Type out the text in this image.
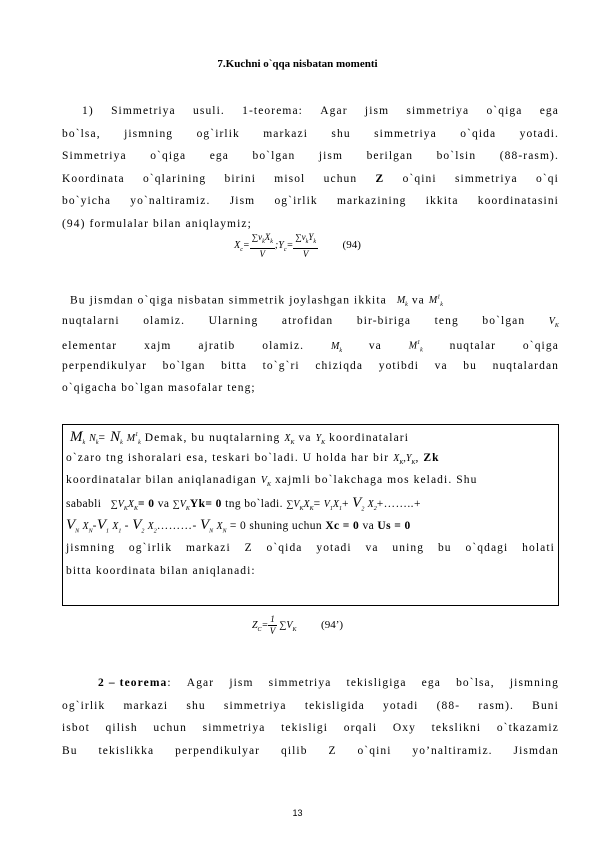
7.Kuchni o`qqa nisbatan momenti
1) Simmetriya usuli. 1-teorema: Agar jism simmetriya o`qiga ega
bo`lsa, jismning og`irlik markazi shu simmetriya o`qida yotadi.
Simmetriya o`qiga ega bo`lgan jism berilgan bo`lsin (88-rasm).
Koordinata o`qlarining birini misol uchun Z o`qini simmetriya o`qi
bo`yicha yo`naltiramiz. Jism og`irlik markazining ikkita koordinatasini
(94) formulalar bilan aniqlaymiz;
$X_c= \frac{\sum v_kX_k}{V}$ $;Y_c= \frac{\sum v_kY_k}{V} (94)$
Bu jismdan o`qiga nisbatan simmetrik joylashgan ikkita $M_k$ va $M^1_k$
nuqtalarni olamiz. Ularning atrofidan bir-biriga teng bo`lgan $V_K$
elementar xajm ajratib olamiz.	$M_k$ va	$M^1_k$ nuqtalar o`qiga
perpendikulyar bo`lgan bitta to`g`ri chiziqda yotibdi va bu nuqtalardan
o`qigacha bo`lgan masofalar teng;
$M_k$ $N_k= N_k$ $M^1_k$ Demak, bu nuqtalarning $X_K$ va $Y_K$ koordinatalari
o`zaro tng ishoralari esa, teskari bo`ladi. U holda har bir $X_K,Y_K$, Zk
koordinatalar bilan aniqlanadigan $V_K$ xajmli bo`lakchaga mos keladi. Shu
sababli $\sum V_KX_K= 0$ va $\sum V_KYk= 0$ tng bo`ladi. $\sum V_KX_K= V_1X_1+ V_2$ $X_2+\dots\dots..+$
$V_N$ $X_N-V_1$ $X_1 - V_2$ $X_2\dots\dots\dots-$ $V_N$ $X_N = 0$ shuning uchun Xc = 0 va Us = 0
jismning og`irlik markazi Z o`qida yotadi va uning bu o`qdagi holati
bitta koordinata bilan aniqlanadi:
$Z_C= \frac{1}{V} \sum V_K$ (94’)
2 – teorema: Agar jism simmetriya tekisligiga ega bo`lsa, jismning
og`irlik markazi shu simmetriya tekisligida yotadi (88- rasm). Buni
isbot qilish uchun simmetriya tekisligi orqali Oxy tekslikni o`tkazamiz
Bu tekislikka perpendikulyar qilib Z o`qini yo’naltiramiz. Jismdan
13
